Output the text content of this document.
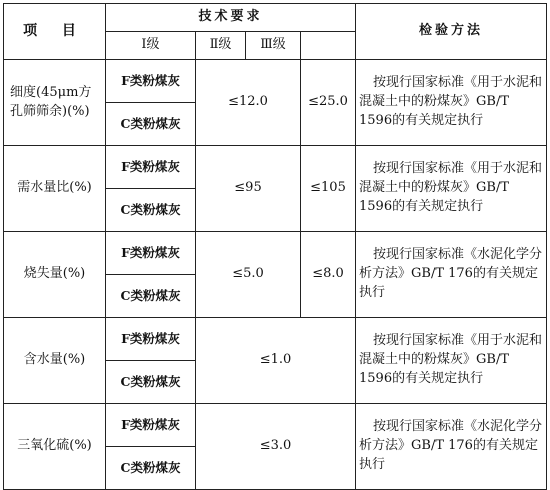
项 目	技术要求				检验方法
	Ⅰ级	Ⅱ级	Ⅲ级		
细度(45μm方孔筛筛余)(%)	F类粉煤灰	≤12.0		≤25.0	按现行国家标准《用于水泥和混凝土中的粉煤灰》GB/T 1596的有关规定执行
	C类粉煤灰				
需水量比(%)	F类粉煤灰	≤95		≤105	按现行国家标准《用于水泥和混凝土中的粉煤灰》GB/T 1596的有关规定执行
	C类粉煤灰				
烧失量(%)	F类粉煤灰	≤5.0		≤8.0	按现行国家标准《水泥化学分析方法》GB/T 176的有关规定执行
	C类粉煤灰				
含水量(%)	F类粉煤灰	≤1.0			按现行国家标准《用于水泥和混凝土中的粉煤灰》GB/T 1596的有关规定执行
	C类粉煤灰				
三氧化硫(%)	F类粉煤灰	≤3.0			按现行国家标准《水泥化学分析方法》GB/T 176的有关规定执行
	C类粉煤灰				
